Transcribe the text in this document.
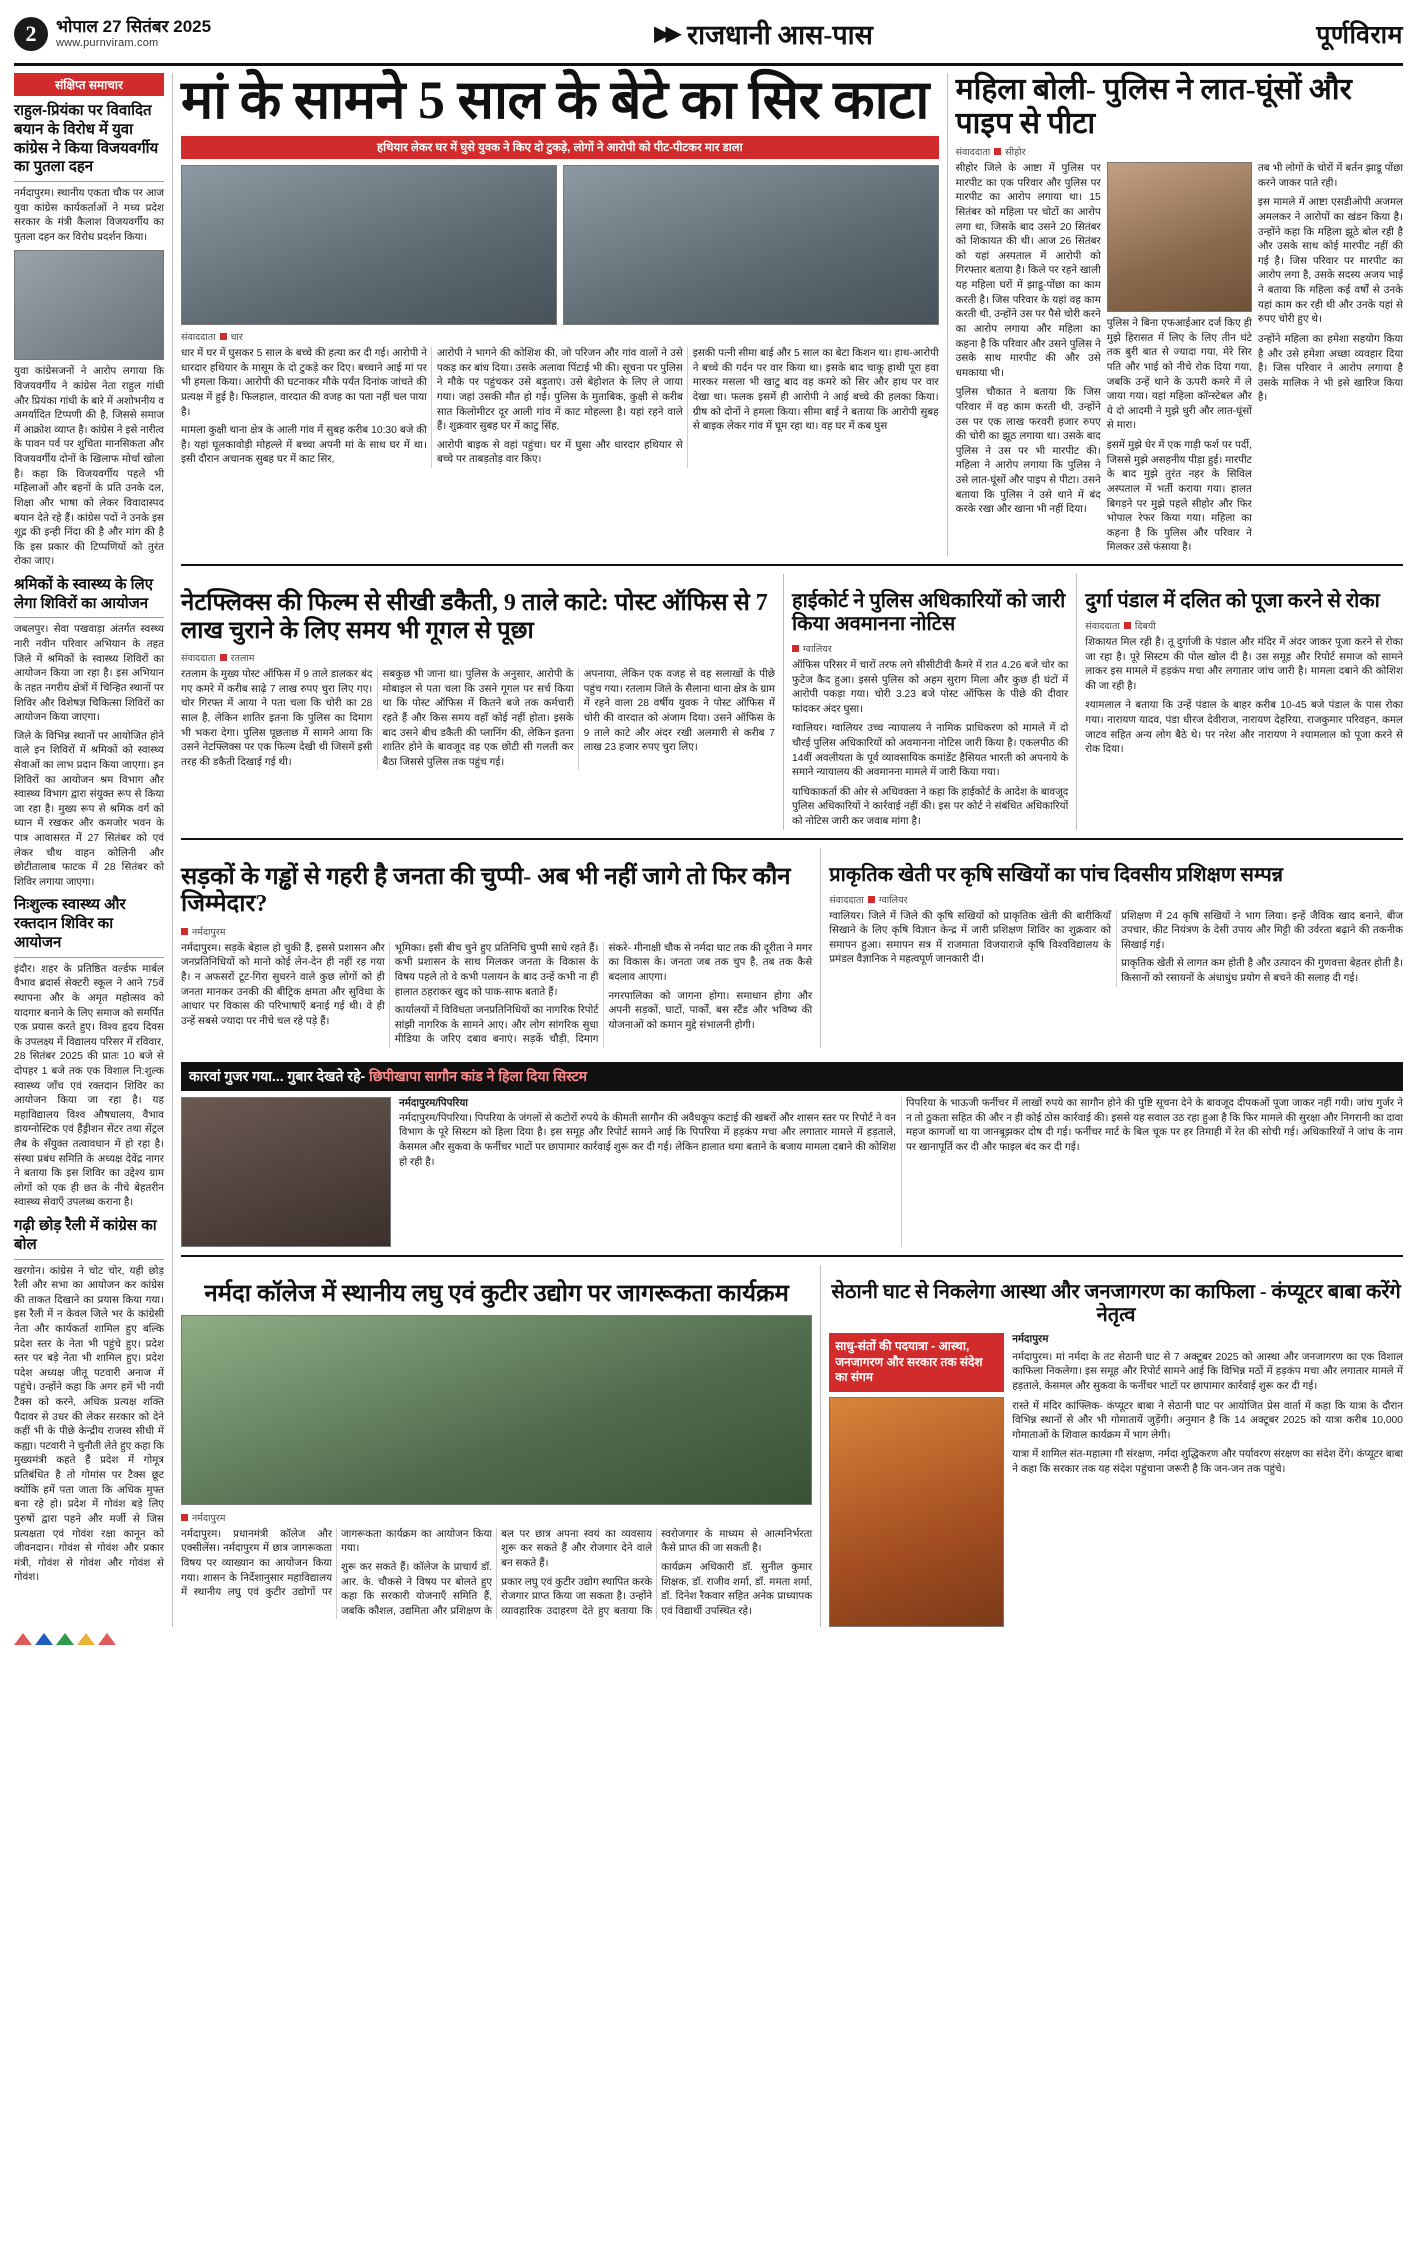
2	भोपाल 27 सितंबर 2025
www.purnviram.com	▶▶ राजधानी आस-पास	पूर्णविराम
संक्षिप्त समाचार
राहुल-प्रियंका पर विवादित बयान के विरोध में युवा कांग्रेस ने किया विजयवर्गीय का पुतला दहन
नर्मदापुरम। स्थानीय एकता चौक पर आज युवा कांग्रेस कार्यकर्ताओं ने मध्य प्रदेश सरकार के मंत्री कैलाश विजयवर्गीय का पुतला दहन कर विरोध प्रदर्शन किया।
युवा कांग्रेसजनों ने आरोप लगाया कि विजयवर्गीय ने कांग्रेस नेता राहुल गांधी और प्रियंका गांधी के बारे में अशोभनीय व अमर्यादित टिप्पणी की है, जिससे समाज में आक्रोश व्याप्त है। कांग्रेस ने इसे नारीत्व के पावन पर्व पर शुचिता मानसिकता और विजयवर्गीय दोनों के खिलाफ मोर्चा खोला है। कहा कि विजयवर्गीय पहले भी महिलाओं और बहनों के प्रति उनके दल, शिक्षा और भाषा को लेकर विवादास्पद बयान देते रहे हैं। कांग्रेस पदों ने उनके इस शूद्र की इन्ही निंदा की है और मांग की है कि इस प्रकार की टिप्पणियों को तुरंत रोका जाए।
श्रमिकों के स्वास्थ्य के लिए लेगा शिविरों का आयोजन
जबलपुर। सेवा पखवाड़ा अंतर्गत स्वस्थ्य नारी नवीन परिवार अभियान के तहत जिले में श्रमिकों के स्वास्थ्य शिविरों का आयोजन किया जा रहा है। इस अभियान के तहत नगरीय क्षेत्रों में चिन्हित स्थानों पर शिविर और विशेषज्ञ चिकित्सा शिविरों का आयोजन किया जाएगा।
जिले के विभिन्न स्थानों पर आयोजित होने वाले इन शिविरों में श्रमिकों को स्वास्थ्य सेवाओं का लाभ प्रदान किया जाएगा। इन शिविरों का आयोजन श्रम विभाग और स्वास्थ्य विभाग द्वारा संयुक्त रूप से किया जा रहा है। मुख्य रूप से श्रमिक वर्ग को ध्यान में रखकर और कमजोर भवन के पात्र आवासरत में 27 सितंबर को एवं लेकर चौथ वाहन कोलिनी और छोटीतालाब फाटक में 28 सितंबर को शिविर लगाया जाएगा।
निःशुल्क स्वास्थ्य और रक्तदान शिविर का आयोजन
इंदौर। शहर के प्रतिष्ठित वर्ल्डफ मार्बल वैभाव ब्रदार्स सेक्टरी स्कूल ने आने 75वें स्थापना और के अमृत महोत्सव को यादगार बनाने के लिए समाज को समर्पित एक प्रयास करते हुए। विश्व हृदय दिवस के उपलक्ष्य में विद्यालय परिसर में रविवार, 28 सितंबर 2025 की प्रातः 10 बजे से दोपहर 1 बजे तक एक विशाल नि:शुल्क स्वास्थ्य जाँच एवं रक्तदान शिविर का आयोजन किया जा रहा है। यह महाविद्यालय विश्व औषधालय, वैभाव डायग्नोस्टिक एवं हैंड्रीशन सेंटर तथा सेंट्रल लैब के सँयुक्त तत्वावधान में हो रहा है। संस्था प्रबंध समिति के अध्यक्ष देवेंद्र नागर ने बताया कि इस शिविर का उद्देश्य ग्राम लोगों को एक ही छत के नीचे बेहतरीन स्वास्थ्य सेवाएँ उपलब्ध कराना है।
गढ़ी छोड़ रैली में कांग्रेस का बोल
खरगोन। कांग्रेस ने चोट चोर, यही छोड़ रैली और सभा का आयोजन कर कांग्रेस की ताकत दिखाने का प्रयास किया गया। इस रैली में न केवल जिले भर के कांग्रेसी नेता और कार्यकर्ता शामिल हुए बल्कि प्रदेश स्तर के नेता भी पहुंचे हुए। प्रदेश स्तर पर बड़े नेता भी शामिल हुए। प्रदेश पदेश अध्यक्ष जीतू पटवारी अनाज में पहुंचे। उन्होंने कहा कि अगर हमें भी नयी टैक्स को करने, अधिक प्रत्यक्ष शक्ति पैदावर से उधर की लेकर सरकार को देने कहीं भी के पीछे केन्द्रीय राजस्व सीधी में कह्या। पटवारी ने चुनौती लेते हुए कहा कि मुख्यमंत्री कहते हैं प्रदेश में गोमूत्र प्रतिबंधित है तो गोमांस पर टैक्स छूट क्योंकि हमें पता जाता कि अधिक मुफ्त बना रहे हो। प्रदेश में गोवंश बड़े लिए पुरुषों द्वारा पहने और मर्जी से जिस प्रत्यक्षता एवं गोवंश रक्षा कानून को जीवनदान। गोवंश से गोवंश और प्रकार मंत्री, गोवंश से गोवंश और गोवंश से गोवंश।
मां के सामने 5 साल के बेटे का सिर काटा
हथियार लेकर घर में घुसे युवक ने किए दो टुकड़े, लोगों ने आरोपी को पीट-पीटकर मार डाला
संवाददाता धार
धार में घर में घुसकर 5 साल के बच्चे की हत्या कर दी गई। आरोपी ने धारदार हथियार के मासूम के दो टुकड़े कर दिए। बच्चाने आई मां पर भी हमला किया। आरोपी की घटनाकर मौके पर्यंत दिनांक जांचते की प्रत्यक्ष में हुई है। फिलहाल, वारदात की वजह का पता नहीं चल पाया है।
मामला कुक्षी थाना क्षेत्र के आली गांव में सुबह करीब 10:30 बजे की है। यहां घूलकावोड़ी मोहल्ले में बच्चा अपनी मां के साथ घर में था। इसी दौरान अचानक सुबह घर में काट सिर,
आरोपी ने भागने की कोशिश की, जो परिजन और गांव वालों ने उसे पकड़ कर बांध दिया। उसके अलावा पिंटाई भी की। सूचना पर पुलिस ने मौके पर पहुंचकर उसे बड़ुताएं। उसे बेहोशत के लिए ले जाया गया। जहां उसकी मौत हो गई। पुलिस के मुताबिक, कुक्षी से करीब सात किलोमीटर दूर आली गांव में काट मोहल्ला है। यहां रहने वाले हैं। शुक्रवार सुबह घर में काटु सिंह,
आरोपी बाइक से वहां पहुंचा। घर में घुसा और धारदार हथियार से बच्चे पर ताबड़तोड़ वार किए।
इसकी पत्नी सीमा बाई और 5 साल का बेटा किशन था। हाथ-आरोपी ने बच्चे की गर्दन पर वार किया था। इसके बाद चाकू हाथी पूरा हवा मारकर मसला भी खाटु बाद वह कमरे को सिर और हाथ पर वार देखा था। फलक इसमें ही आरोपी ने आई बच्चे की हलका किया। ग्रीष को दोनों ने हमला किया। सीमा बाई ने बताया कि आरोपी सुबह से बाइक लेकर गांव में घूम रहा था। वह घर में कब घुस
महिला बोली- पुलिस ने लात-घूंसों और पाइप से पीटा
संवाददाता सीहोर
सीहोर जिले के आष्टा में पुलिस पर मारपीट का एक परिवार और पुलिस पर मारपीट का आरोप लगाया था। 15 सितंबर को महिला पर चोटों का आरोप लगा था, जिसके बाद उसने 20 सितंबर को शिकायत की थी। आज 26 सितंबर को यहां अस्पताल में आरोपी को गिरफ्तार बताया है। किले पर रहने खाली यह महिला घरों में झाडू-पोंछा का काम करती है। जिस परिवार के यहां वह काम करती थी, उन्होंने उस पर पैसे चोरी करने का आरोप लगाया और महिला का कहना है कि परिवार और उसने पुलिस ने उसके साथ मारपीट की और उसे धमकाया भी।
पुलिस चौकात ने बताया कि जिस परिवार में वह काम करती थी, उन्होंने उस पर एक लाख फरवरी हजार रुपए की चोरी का झूठ लगाया था। उसके बाद पुलिस ने उस पर भी मारपीट की। महिला ने आरोप लगाया कि पुलिस ने उसे लात-घूंसों और पाइप से पीटा। उसने बताया कि पुलिस ने उसे थाने में बंद करके रखा और खाना भी नहीं दिया।
पुलिस ने बिना एफआईआर दर्ज किए ही मुझे हिरासत में लिए के लिए तीन घंटे तक बुरी बात से ज्यादा गया, मेरे सिर पति और भाई को नीचे रोक दिया गया, जबकि उन्हें थाने के ऊपरी कमरे में ले जाया गया। यहां महिला कॉन्स्टेबल और ये दो आदमी ने मुझे धुरी और लात-घूंसों से मारा।
इसमें मुझे घेर में एक गाड़ी फर्श पर पर्दी, जिससे मुझे असहनीय पीड़ा हुई। मारपीट के बाद मुझे तुरंत नहर के सिविल अस्पताल में भर्ती कराया गया। हालत बिगड़ने पर मुझे पहले सीहोर और फिर भोपाल रेफर किया गया। महिला का कहना है कि पुलिस और परिवार ने मिलकर उसे फंसाया है।
तब भी लोगों के चोरों में बर्तन झाडू पोंछा करने जाकर पाते रही।
इस मामले में आष्टा एसडीओपी अजमल अमलकर ने आरोपों का खंडन किया है। उन्होंने कहा कि महिला झूठे बोल रही है और उसके साथ कोई मारपीट नहीं की गई है। जिस परिवार पर मारपीट का आरोप लगा है, उसके सदस्य अजय भाई ने बताया कि महिला कई वर्षों से उनके यहां काम कर रही थी और उनके यहां से रुपए चोरी हुए थे।
उन्होंने महिला का हमेशा सहयोग किया है और उसे हमेशा अच्छा व्यवहार दिया है। जिस परिवार ने आरोप लगाया है उसके मालिक ने भी इसे खारिज किया है।
नेटफ्लिक्स की फिल्म से सीखी डकैती, 9 ताले काटे: पोस्ट ऑफिस से 7 लाख चुराने के लिए समय भी गूगल से पूछा
संवाददाता रतलाम
रतलाम के मुख्य पोस्ट ऑफिस में 9 ताले डालकर बंद गए कमरे में करीब साढ़े 7 लाख रुपए चुरा लिए गए। चोर गिरफ्त में आया ने पता चला कि चोरी का 28 साल है, लेकिन शातिर इतना कि पुलिस का दिमाग भी भकरा देगा। पुलिस पूछताछ में सामने आया कि उसने नेटफ्लिक्स पर एक फिल्म देखी थी जिसमें इसी तरह की डकैती दिखाई गई थी।
सबकुछ भी जाना था। पुलिस के अनुसार, आरोपी के मोबाइल से पता चला कि उसने गूगल पर सर्च किया था कि पोस्ट ऑफिस में कितने बजे तक कर्मचारी रहते हैं और किस समय वहाँ कोई नहीं होता। इसके बाद उसने बीच डकैती की प्लानिंग की, लेकिन इतना शातिर होने के बावजूद वह एक छोटी सी गलती कर बैठा जिससे पुलिस तक पहुंच गई।
अपनाया, लेकिन एक वजह से वह सलाखों के पीछे पहुंच गया। रतलाम जिले के सैलाना थाना क्षेत्र के ग्राम में रहने वाला 28 वर्षीय युवक ने पोस्ट ऑफिस में चोरी की वारदात को अंजाम दिया। उसने ऑफिस के 9 ताले काटे और अंदर रखी अलमारी से करीब 7 लाख 23 हजार रुपए चुरा लिए।
हाईकोर्ट ने पुलिस अधिकारियों को जारी किया अवमानना नोटिस
ग्वालियर
ऑफिस परिसर में चारों तरफ लगे सीसीटीवी कैमरे में रात 4.26 बजे चोर का फुटेज कैद हुआ। इससे पुलिस को अहम सुराग मिला और कुछ ही घंटों में आरोपी पकड़ा गया। चोरी 3.23 बजे पोस्ट ऑफिस के पीछे की दीवार फांदकर अंदर घुसा।
ग्वालियर। ग्वालियर उच्च न्यायालय ने नामिक प्राधिकरण को मामले में दो चौरई पुलिस अधिकारियों को अवमानना नोटिस जारी किया है। एकलपीठ की 14वीं अवलीयता के पूर्व व्यावसायिक कमांडेंट हैसियत भारती को अपनाये के समाने न्यायालय की अवमानना मामले में जारी किया गया।
याचिकाकर्ता की ओर से अधिवक्ता ने कहा कि हाईकोर्ट के आदेश के बावजूद पुलिस अधिकारियों ने कार्रवाई नहीं की। इस पर कोर्ट ने संबंधित अधिकारियों को नोटिस जारी कर जवाब मांगा है।
दुर्गा पंडाल में दलित को पूजा करने से रोका
संवाददाता दिबयी
शिकायत मिल रही है। तू दुर्गाजी के पंडाल और मंदिर में अंदर जाकर पूजा करने से रोका जा रहा है। पूरे सिस्टम की पोल खोल दी है। उस समूह और रिपोर्ट समाज को सामने लाकर इस मामले में हड़कंप मचा और लगातार जांच जारी है। मामला दबाने की कोशिश की जा रही है।
श्यामलाल ने बताया कि उन्हें पंडाल के बाहर करीब 10-45 बजे पंडाल के पास रोका गया। नारायण यादव, पंडा धीरज देवीराज, नारायण देहरिया, राजकुमार परिवहन, कमल जाटव सहित अन्य लोग बैठे थे। पर नरेश और नारायण ने श्यामलाल को पूजा करने से रोक दिया।
सड़कों के गड्ढों से गहरी है जनता की चुप्पी- अब भी नहीं जागे तो फिर कौन जिम्मेदार?
नर्मदापुरम
नर्मदापुरम। सड़कें बेहाल हो चुकी हैं, इससे प्रशासन और जनप्रतिनिधियों को मानो कोई लेन-देन ही नहीं रह गया है। न अफसरों टूट-गिरा सुधरने वाले कुछ लोगों को ही जनता मानकर उनकी की बीट्रिक क्षमता और सुविधा के आधार पर विकास की परिभाषाएँ बनाई गई थी। वे ही उन्हें सबसे ज्यादा पर नीचे चल रहे पड़े हैं।
भूमिका। इसी बीच चुने हुए प्रतिनिधि चुप्पी साधे रहते हैं। कभी प्रशासन के साथ मिलकर जनता के विकास के विषय पहले तो वे कभी पलायन के बाद उन्हें कभी ना ही हालात ठहराकर खुद को पाक-साफ बताते हैं।
कार्यालयों में विविधता जनप्रतिनिधियों का नागरिक रिपोर्ट सांझी नागरिक के सामने आए। और लोग सांगरिक सुधा मीडिया के जरिए दबाव बनाएं। सड़कें चौड़ी, दिमाग संकरे- मीनाक्षी चौक से नर्मदा घाट तक की दूरीता ने मगर का विकास के। जनता जब तक चुप है, तब तक कैसे बदलाव आएगा।
नगरपालिका को जागना होगा। समाधान होगा और अपनी सड़कों, घाटों, पार्कों, बस स्टैंड और भविष्य की योजनाओं को कमान मुद्दे संभालनी होगी।
प्राकृतिक खेती पर कृषि सखियों का पांच दिवसीय प्रशिक्षण सम्पन्न
संवाददाता ग्वालियर
ग्वालियर। जिले में जिले की कृषि सखियों को प्राकृतिक खेती की बारीकियाँ सिखाने के लिए कृषि विज्ञान केन्द्र में जारी प्रशिक्षण शिविर का शुक्रवार को समापन हुआ। समापन सत्र में राजमाता विजयाराजे कृषि विश्वविद्यालय के प्रमंडल वैज्ञानिक ने महत्वपूर्ण जानकारी दी।
प्रशिक्षण में 24 कृषि सखियों ने भाग लिया। इन्हें जैविक खाद बनाने, बीज उपचार, कीट नियंत्रण के देसी उपाय और मिट्टी की उर्वरता बढ़ाने की तकनीक सिखाई गई।
प्राकृतिक खेती से लागत कम होती है और उत्पादन की गुणवत्ता बेहतर होती है। किसानों को रसायनों के अंधाधुंध प्रयोग से बचने की सलाह दी गई।
कारवां गुजर गया... गुबार देखते रहे- छिपीखापा सागौन कांड ने हिला दिया सिस्टम
नर्मदापुरम/पिपरिया
नर्मदापुरम/पिपरिया। पिपरिया के जंगलों से कटोरों रुपये के कीमती सागौन की अवैधकूप कटाई की खबरों और शासन स्तर पर रिपोर्ट ने वन विभाग के पूरे सिस्टम को हिला दिया है। इस समूह और रिपोर्ट सामने आई कि पिपरिया में हड़कंप मचा और लगातार मामले में हड़ताले, केसमल और सुकवा के फर्नीचर भाटों पर छापामार कार्रवाई शुरू कर दी गई। लेकिन हालात थमा बताने के बजाय मामला दबाने की कोशिश हो रही है।
पिपरिया के भाऊजी फर्नीचर में लाखों रुपये का सागौन होने की पुष्टि सूचना देने के बावजूद दीपकओं पूजा जाकर नहीं गयी। जांच गुर्जर ने न तो ठुकता सहित की और न ही कोई ठोस कार्रवाई की। इससे यह सवाल उठ रहा हुआ है कि फिर मामले की सुरक्षा और निगरानी का दावा महज कागजों था या जानबूझकर दोष दी गई। फर्नीचर मार्ट के बिल चूक पर हर तिमाही में रेत की सोची गई। अधिकारियों ने जांच के नाम पर खानापूर्ति कर दी और फाइल बंद कर दी गई।
नर्मदा कॉलेज में स्थानीय लघु एवं कुटीर उद्योग पर जागरूकता कार्यक्रम
नर्मदापुरम
नर्मदापुरम। प्रधानमंत्री कॉलेज और एक्सीलेंस। नर्मदापुरम में छात्र जागरूकता विषय पर व्याख्यान का आयोजन किया गया। शासन के निर्देशानुसार महाविद्यालय में स्थानीय लघु एवं कुटीर उद्योगों पर जागरूकता कार्यक्रम का आयोजन किया गया।
शुरू कर सकते हैं। कॉलेज के प्राचार्य डॉ. आर. के. चौकसे ने विषय पर बोलते हुए कहा कि सरकारी योजनाएँ समिति हैं, जबकि कौशल, उद्यमिता और प्रशिक्षण के बल पर छात्र अपना स्वयं का व्यवसाय शुरू कर सकते हैं और रोजगार देने वाले बन सकते हैं।
प्रकार लघु एवं कुटीर उद्योग स्थापित करके रोजगार प्राप्त किया जा सकता है। उन्होंने व्यावहारिक उदाहरण देते हुए बताया कि स्वरोजगार के माध्यम से आत्मनिर्भरता कैसे प्राप्त की जा सकती है।
कार्यक्रम अधिकारी डॉ. सुनील कुमार शिक्षक, डॉ. राजीव शर्मा, डॉ. ममता शर्मा, डॉ. दिनेश रैकवार सहित अनेक प्राध्यापक एवं विद्यार्थी उपस्थित रहे।
सेठानी घाट से निकलेगा आस्था और जनजागरण का काफिला - कंप्यूटर बाबा करेंगे नेतृत्व
साधु-संतों की पदयात्रा - आस्था, जनजागरण और सरकार तक संदेश का संगम
नर्मदापुरम
नर्मदापुरम। मां नर्मदा के तट सेठानी घाट से 7 अक्टूबर 2025 को आस्था और जनजागरण का एक विशाल काफिला निकलेगा। इस समूह और रिपोर्ट सामने आई कि विभिन्न मठों में हड़कंप मचा और लगातार मामले में हड़ताले, केसमल और सुकवा के फर्नीचर भाटों पर छापामार कार्रवाई शुरू कर दी गई।
रास्ते में मंदिर कांफ्लिक- कंप्यूटर बाबा ने सेठानी घाट पर आयोजित प्रेस वार्ता में कहा कि यात्रा के दौरान विभिन्न स्थानों से और भी गोमातायें जुड़ेंगी। अनुमान है कि 14 अक्टूबर 2025 को यात्रा करीब 10,000 गोमाताओं के शिवाल कार्यक्रम में भाग लेगी।
यात्रा में शामिल संत-महात्मा गौ संरक्षण, नर्मदा शुद्धिकरण और पर्यावरण संरक्षण का संदेश देंगे। कंप्यूटर बाबा ने कहा कि सरकार तक यह संदेश पहुंचाना जरूरी है कि जन-जन तक पहुंचे।
